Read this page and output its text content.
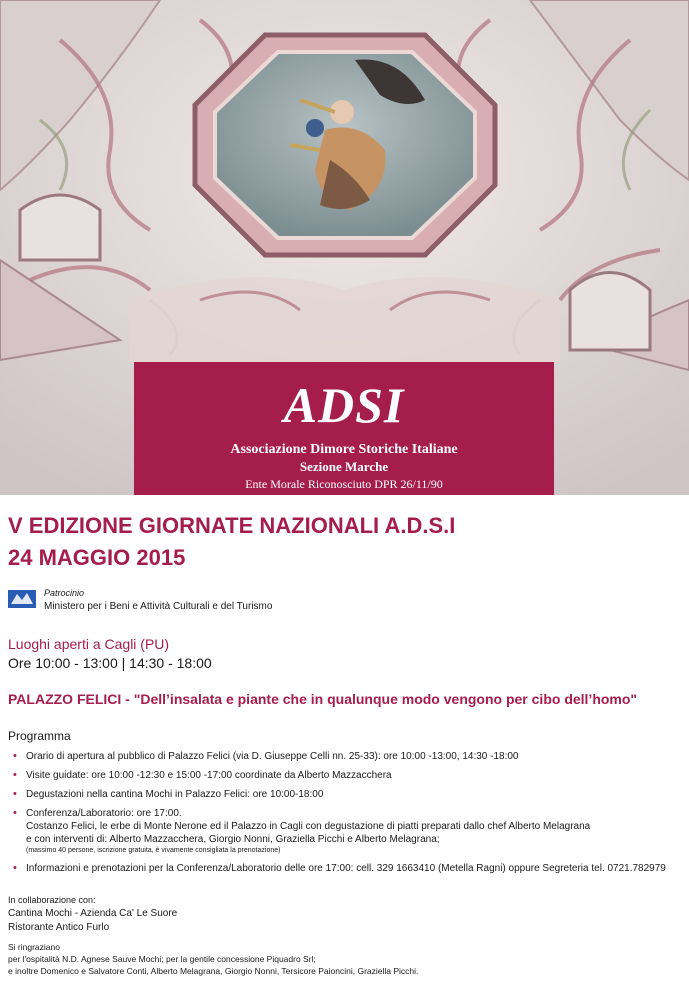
ADSI
Associazione Dimore Storiche Italiane
Sezione Marche
Ente Morale Riconosciuto DPR 26/11/90
V EDIZIONE GIORNATE NAZIONALI A.D.S.I
24 MAGGIO 2015
Patrocinio
Ministero per i Beni e Attività Culturali e del Turismo
Luoghi aperti a Cagli (PU)
Ore 10:00 - 13:00 | 14:30 - 18:00
PALAZZO FELICI - "Dell’insalata e piante che in qualunque modo vengono per cibo dell’homo"
Programma
• Orario di apertura al pubblico di Palazzo Felici (via D. Giuseppe Celli nn. 25-33): ore 10:00 -13:00, 14:30 -18:00
• Visite guidate: ore 10:00 -12:30 e 15:00 -17:00 coordinate da Alberto Mazzacchera
• Degustazioni nella cantina Mochi in Palazzo Felici: ore 10:00-18:00
• Conferenza/Laboratorio: ore 17:00.
Costanzo Felici, le erbe di Monte Nerone ed il Palazzo in Cagli con degustazione di piatti preparati dallo chef Alberto Melagrana
e con interventi di: Alberto Mazzacchera, Giorgio Nonni, Graziella Picchi e Alberto Melagrana;
(massimo 40 persone, iscrizione gratuita, è vivamente consigliata la prenotazione)
• Informazioni e prenotazioni per la Conferenza/Laboratorio delle ore 17:00: cell. 329 1663410 (Metella Ragni) oppure Segreteria tel. 0721.782979
In collaborazione con:
Cantina Mochi - Azienda Ca' Le Suore
Ristorante Antico Furlo
Si ringraziano
per l'ospitalità N.D. Agnese Sauve Mochi; per la gentile concessione Piquadro Srl;
e inoltre Domenico e Salvatore Conti, Alberto Melagrana, Giorgio Nonni, Tersicore Paioncini, Graziella Picchi.
